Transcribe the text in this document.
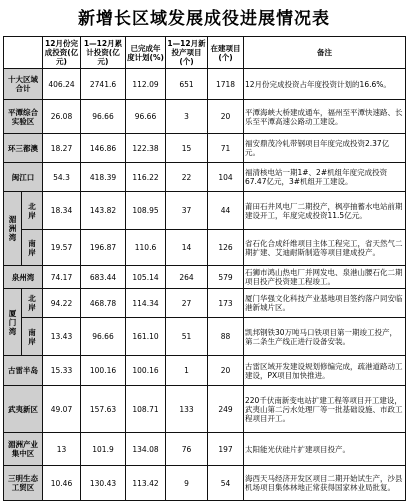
新增长区域发展成役进展情况表
		12月份完成投资(亿元)	1—12月累计投资(亿元)	已完成年度计划(%)	1—12月新投产项目(个)	在建项目(个)	备注
十大区域合计		406.24	2741.6	112.09	651	1718	12月份完成投资占年度投资计划的16.6%。
平潭综合实验区		26.08	96.66	96.66	3	20	平潭海峡大桥建成通车，福州至平潭快速路、长乐至平潭高速公路动工建设。
环三都澳		18.27	146.86	122.38	15	71	福安鼎茂冷轧带钢项目年度完成投资2.37亿元。
闽江口		54.3	418.39	116.22	22	104	福清核电站一期1#、2#机组年度完成投资67.47亿元，3#机组开工建设。

湄洲湾	北岸	18.34	143.82	108.95	37	44	莆田石井风电厂二期投产，枫亭抽蓄水电站前期建设开工，年度完成投资11.5亿元。

	南岸	19.57	196.87	110.6	14	126	省石化合成纤维项目主体工程完工，省天然气二期扩建、艾迪耐斯制造等项目建成投产。
泉州湾		74.17	683.44	105.14	264	579	石狮市鸿山热电厂并网发电、泉港山腰石化二期项目投产投资建工程竣工。

厦门湾	北岸	94.22	468.78	114.34	27	173	厦门华强文化科技产业基地项目签约落户同安临港新城片区。

	南岸	13.43	96.66	161.10	51	88	凯邦钢铁30万吨马口铁项目第一期竣工投产，第二条生产线正进行设备安装。
古雷半岛		15.33	100.16	100.16	1	20	古雷区域开发建设规划修编完成，疏港道路动工建设，PX项目加快推进。
武夷新区		49.07	157.63	108.71	133	249	220千伏南新变电站扩建工程等项目开工建设，武夷山第二污水处理厂等一批基础设施、市政工程项目开工。
湄洲产业集中区		13	101.9	134.08	76	197	太阳能光伏硅片扩建项目投产。
三明生态工贸区		10.46	130.43	113.42	9	54	海西天马经济开发区项目二期开始试生产，沙县机场项目集体林地正常获得国家林业局批复。
